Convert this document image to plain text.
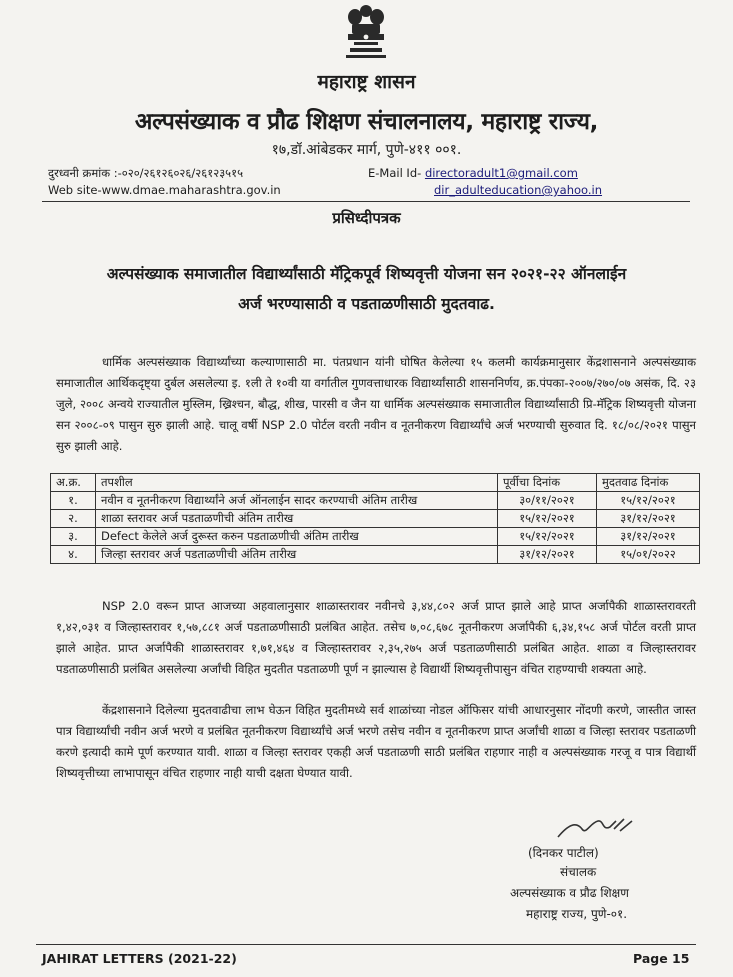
महाराष्ट्र शासन
अल्पसंख्याक व प्रौढ शिक्षण संचालनालय, महाराष्ट्र राज्य,
१७,डॉ.आंबेडकर मार्ग, पुणे-४११ ००१.
दुरध्वनी क्रमांक :-०२०/२६१२६०२६/२६१२३५१५
Web site-www.dmae.maharashtra.gov.in
E-Mail Id- directoradult1@gmail.com
dir_adulteducation@yahoo.in
प्रसिध्दीपत्रक
अल्पसंख्याक समाजातील विद्यार्थ्यांसाठी मॅट्रिकपूर्व शिष्यवृत्ती योजना सन २०२१-२२ ऑनलाईन
अर्ज भरण्यासाठी व पडताळणीसाठी मुदतवाढ.
धार्मिक अल्पसंख्याक विद्यार्थ्यांच्या कल्याणासाठी मा. पंतप्रधान यांनी घोषित केलेल्या १५ कलमी कार्यक्रमानुसार केंद्रशासनाने अल्पसंख्याक समाजातील आर्थिकदृष्ट्या दुर्बल असलेल्या इ. १ली ते १०वी या वर्गातील गुणवत्ताधारक विद्यार्थ्यांसाठी शासननिर्णय, क्र.पंपका-२००७/२७०/०७ असंक, दि. २३ जुले, २००८ अन्वये राज्यातील मुस्लिम, ख्रिश्चन, बौद्ध, शीख, पारसी व जैन या धार्मिक अल्पसंख्याक समाजातील विद्यार्थ्यांसाठी प्रि-मॅट्रिक शिष्यवृत्ती योजना सन २००८-०९ पासुन सुरु झाली आहे. चालू वर्षी NSP 2.0 पोर्टल वरती नवीन व नूतनीकरण विद्यार्थ्यांचे अर्ज भरण्याची सुरुवात दि. १८/०८/२०२१ पासुन सुरु झाली आहे.
अ.क्र.	तपशील	पूर्वीचा दिनांक	मुदतवाढ दिनांक
१.	नवीन व नूतनीकरण विद्यार्थ्यांने अर्ज ऑनलाईन सादर करण्याची अंतिम तारीख	३०/११/२०२१	१५/१२/२०२१
२.	शाळा स्तरावर अर्ज पडताळणीची अंतिम तारीख	१५/१२/२०२१	३१/१२/२०२१
३.	Defect केलेले अर्ज दुरूस्त करुन पडताळणीची अंतिम तारीख	१५/१२/२०२१	३१/१२/२०२१
४.	जिल्हा स्तरावर अर्ज पडताळणीची अंतिम तारीख	३१/१२/२०२१	१५/०१/२०२२
NSP 2.0 वरून प्राप्त आजच्या अहवालानुसार शाळास्तरावर नवीनचे ३,४४,८०२ अर्ज प्राप्त झाले आहे प्राप्त अर्जापैकी शाळास्तरावरती १,४२,०३१ व जिल्हास्तरावर १,५७,८८१ अर्ज पडताळणीसाठी प्रलंबित आहेत. तसेच ७,०८,६७८ नूतनीकरण अर्जापैकी ६,३४,१५८ अर्ज पोर्टल वरती प्राप्त झाले आहेत. प्राप्त अर्जापैकी शाळास्तरावर १,७१,४६४ व जिल्हास्तरावर २,३५,२७५ अर्ज पडताळणीसाठी प्रलंबित आहेत. शाळा व जिल्हास्तरावर पडताळणीसाठी प्रलंबित असलेल्या अर्जांची विहित मुदतीत पडताळणी पूर्ण न झाल्यास हे विद्यार्थी शिष्यवृत्तीपासुन वंचित राहण्याची शक्यता आहे.
केंद्रशासनाने दिलेल्या मुदतवाढीचा लाभ घेऊन विहित मुदतीमध्ये सर्व शाळांच्या नोडल ऑफिसर यांची आधारनुसार नोंदणी करणे, जास्तीत जास्त पात्र विद्यार्थ्यांची नवीन अर्ज भरणे व प्रलंबित नूतनीकरण विद्यार्थ्यांचे अर्ज भरणे तसेच नवीन व नूतनीकरण प्राप्त अर्जांची शाळा व जिल्हा स्तरावर पडताळणी करणे इत्यादी कामे पूर्ण करण्यात यावी. शाळा व जिल्हा स्तरावर एकही अर्ज पडताळणी साठी प्रलंबित राहणार नाही व अल्पसंख्याक गरजू व पात्र विद्यार्थी शिष्यवृत्तीच्या लाभापासून वंचित राहणार नाही याची दक्षता घेण्यात यावी.
(दिनकर पाटील)
संचालक
अल्पसंख्याक व प्रौढ शिक्षण
महाराष्ट्र राज्य, पुणे-०१.
JAHIRAT LETTERS (2021-22)	Page 15
